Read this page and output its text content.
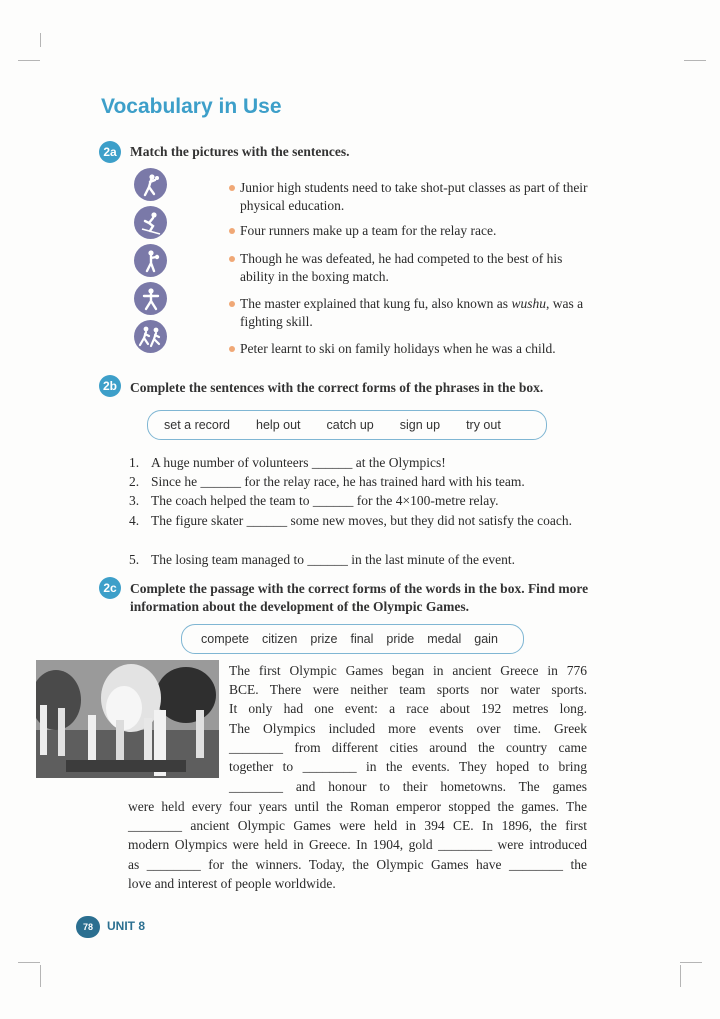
Vocabulary in Use
2a Match the pictures with the sentences.
Junior high students need to take shot-put classes as part of their physical education.
Four runners make up a team for the relay race.
Though he was defeated, he had competed to the best of his ability in the boxing match.
The master explained that kung fu, also known as wushu, was a fighting skill.
Peter learnt to ski on family holidays when he was a child.
2b Complete the sentences with the correct forms of the phrases in the box.
set a record help out catch up sign up try out
1. A huge number of volunteers ______ at the Olympics!
2. Since he ______ for the relay race, he has trained hard with his team.
3. The coach helped the team to ______ for the 4×100-metre relay.
4. The figure skater ______ some new moves, but they did not satisfy the coach.
5. The losing team managed to ______ in the last minute of the event.
2c Complete the passage with the correct forms of the words in the box. Find more information about the development of the Olympic Games.
compete citizen prize final pride medal gain
The first Olympic Games began in ancient Greece in 776
BCE. There were neither team sports nor water sports.
It only had one event: a race about 192 metres long.
The Olympics included more events over time. Greek
________ from different cities around the country came
together to ________ in the events. They hoped to bring
________ and honour to their hometowns. The games
were held every four years until the Roman emperor stopped the games. The
________ ancient Olympic Games were held in 394 CE. In 1896, the first
modern Olympics were held in Greece. In 1904, gold ________ were introduced
as ________ for the winners. Today, the Olympic Games have ________ the
love and interest of people worldwide.
78	UNIT 8
